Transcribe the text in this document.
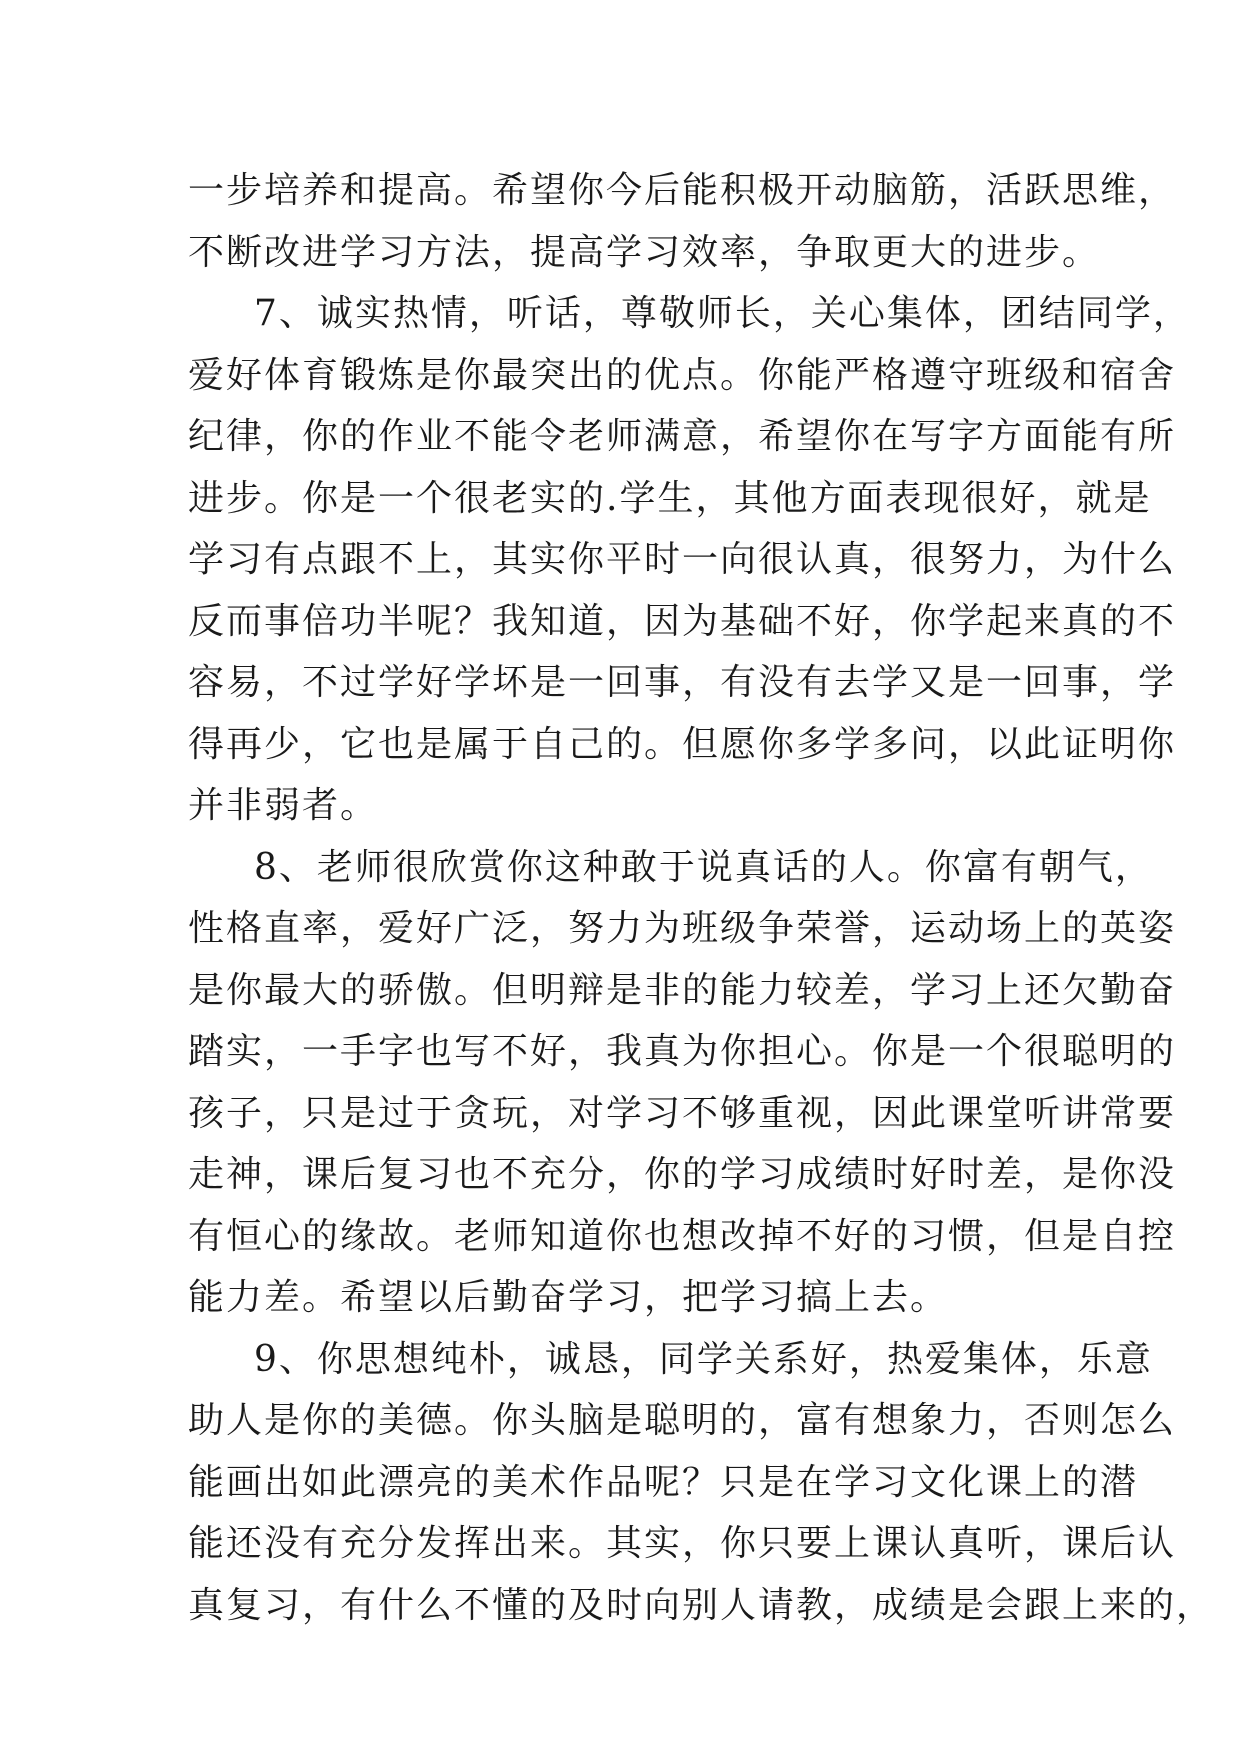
一步培养和提高。希望你今后能积极开动脑筋，活跃思维，
不断改进学习方法，提高学习效率，争取更大的进步。
7、诚实热情，听话，尊敬师长，关心集体，团结同学，
爱好体育锻炼是你最突出的优点。你能严格遵守班级和宿舍
纪律，你的作业不能令老师满意，希望你在写字方面能有所
进步。你是一个很老实的.学生，其他方面表现很好，就是
学习有点跟不上，其实你平时一向很认真，很努力，为什么
反而事倍功半呢？我知道，因为基础不好，你学起来真的不
容易，不过学好学坏是一回事，有没有去学又是一回事，学
得再少，它也是属于自己的。但愿你多学多问，以此证明你
并非弱者。
8、老师很欣赏你这种敢于说真话的人。你富有朝气，
性格直率，爱好广泛，努力为班级争荣誉，运动场上的英姿
是你最大的骄傲。但明辩是非的能力较差，学习上还欠勤奋
踏实，一手字也写不好，我真为你担心。你是一个很聪明的
孩子，只是过于贪玩，对学习不够重视，因此课堂听讲常要
走神，课后复习也不充分，你的学习成绩时好时差，是你没
有恒心的缘故。老师知道你也想改掉不好的习惯，但是自控
能力差。希望以后勤奋学习，把学习搞上去。
9、你思想纯朴，诚恳，同学关系好，热爱集体，乐意
助人是你的美德。你头脑是聪明的，富有想象力，否则怎么
能画出如此漂亮的美术作品呢？只是在学习文化课上的潜
能还没有充分发挥出来。其实，你只要上课认真听，课后认
真复习，有什么不懂的及时向别人请教，成绩是会跟上来的，
